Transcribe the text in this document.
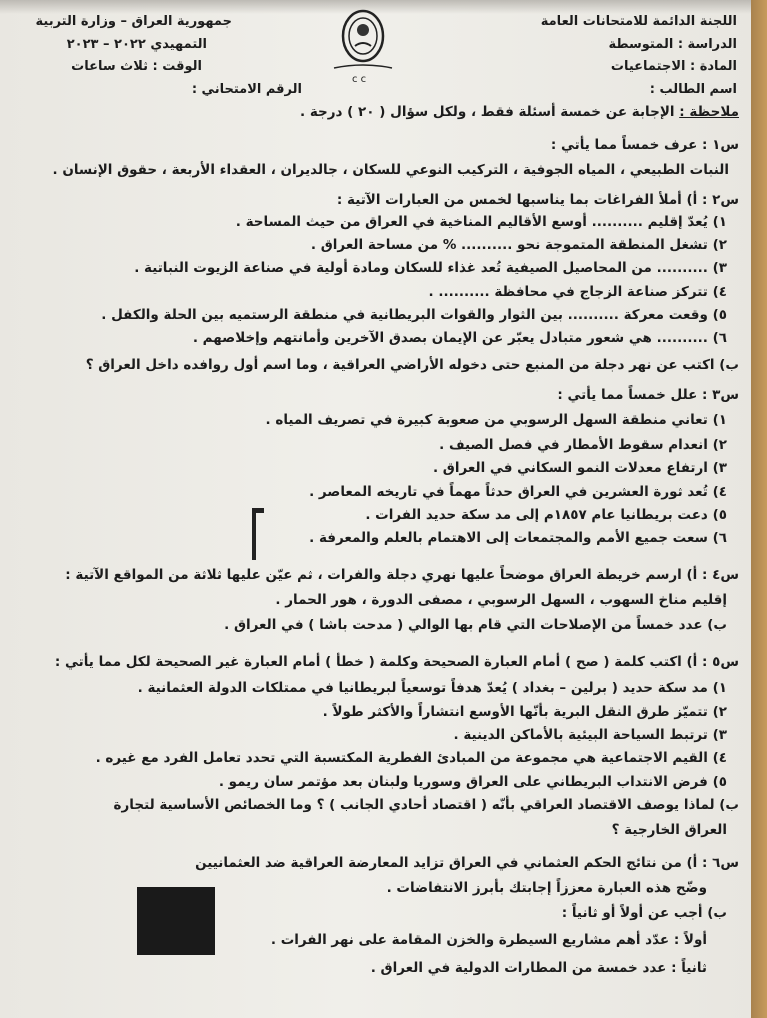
اللجنة الدائمة للامتحانات العامة
الدراسة : المتوسطة
المادة : الاجتماعيات
اسم الطالب :
جمهورية العراق – وزارة التربية
التمهيدي ٢٠٢٢ – ٢٠٢٣
الوقت : ثلاث ساعات
الرقم الامتحاني :
c c
ملاحظة : الإجابة عن خمسة أسئلة فقط ، ولكل سؤال ( ٢٠ ) درجة .
س١ : عرف خمساً مما يأتي :
النبات الطبيعي ، المياه الجوفية ، التركيب النوعي للسكان ، جالديران ، العقداء الأربعة ، حقوق الإنسان .
س٢ : أ) أملأ الفراغات بما يناسبها لخمس من العبارات الآتية :
١) يُعدّ إقليم .......... أوسع الأقاليم المناخية في العراق من حيث المساحة .
٢) تشغل المنطقة المتموجة نحو .......... % من مساحة العراق .
٣) .......... من المحاصيل الصيفية تُعد غذاء للسكان ومادة أولية في صناعة الزيوت النباتية .
٤) تتركز صناعة الزجاج في محافظة .......... .
٥) وقعت معركة .......... بين الثوار والقوات البريطانية في منطقة الرستميه بين الحلة والكفل .
٦) .......... هي شعور متبادل يعبّر عن الإيمان بصدق الآخرين وأمانتهم وإخلاصهم .
ب) اكتب عن نهر دجلة من المنبع حتى دخوله الأراضي العراقية ، وما اسم أول روافده داخل العراق ؟
س٣ : علل خمساً مما يأتي :
١) تعاني منطقة السهل الرسوبي من صعوبة كبيرة في تصريف المياه .
٢) انعدام سقوط الأمطار في فصل الصيف .
٣) ارتفاع معدلات النمو السكاني في العراق .
٤) تُعد ثورة العشرين في العراق حدثاً مهماً في تاريخه المعاصر .
٥) دعت بريطانيا عام ١٨٥٧م إلى مد سكة حديد الفرات .
٦) سعت جميع الأمم والمجتمعات إلى الاهتمام بالعلم والمعرفة .
س٤ : أ) ارسم خريطة العراق موضحاً عليها نهري دجلة والفرات ، ثم عيّن عليها ثلاثة من المواقع الآتية :
إقليم مناخ السهوب ، السهل الرسوبي ، مصفى الدورة ، هور الحمار .
ب) عدد خمساً من الإصلاحات التي قام بها الوالي ( مدحت باشا ) في العراق .
س٥ : أ) اكتب كلمة ( صح ) أمام العبارة الصحيحة وكلمة ( خطأ ) أمام العبارة غير الصحيحة لكل مما يأتي :
١) مد سكة حديد ( برلين – بغداد ) يُعدّ هدفاً توسعياً لبريطانيا في ممتلكات الدولة العثمانية .
٢) تتميّز طرق النقل البرية بأنّها الأوسع انتشاراً والأكثر طولاً .
٣) ترتبط السياحة البيئية بالأماكن الدينية .
٤) القيم الاجتماعية هي مجموعة من المبادئ الفطرية المكتسبة التي تحدد تعامل الفرد مع غيره .
٥) فرض الانتداب البريطاني على العراق وسوريا ولبنان بعد مؤتمر سان ريمو .
ب) لماذا يوصف الاقتصاد العراقي بأنّه ( اقتصاد أحادي الجانب ) ؟ وما الخصائص الأساسية لتجارة
العراق الخارجية ؟
س٦ : أ) من نتائج الحكم العثماني في العراق تزايد المعارضة العراقية ضد العثمانيين
وضّح هذه العبارة معززاً إجابتك بأبرز الانتفاضات .
ب) أجب عن أولاً أو ثانياً :
أولاً : عدّد أهم مشاريع السيطرة والخزن المقامة على نهر الفرات .
ثانياً : عدد خمسة من المطارات الدولية في العراق .
